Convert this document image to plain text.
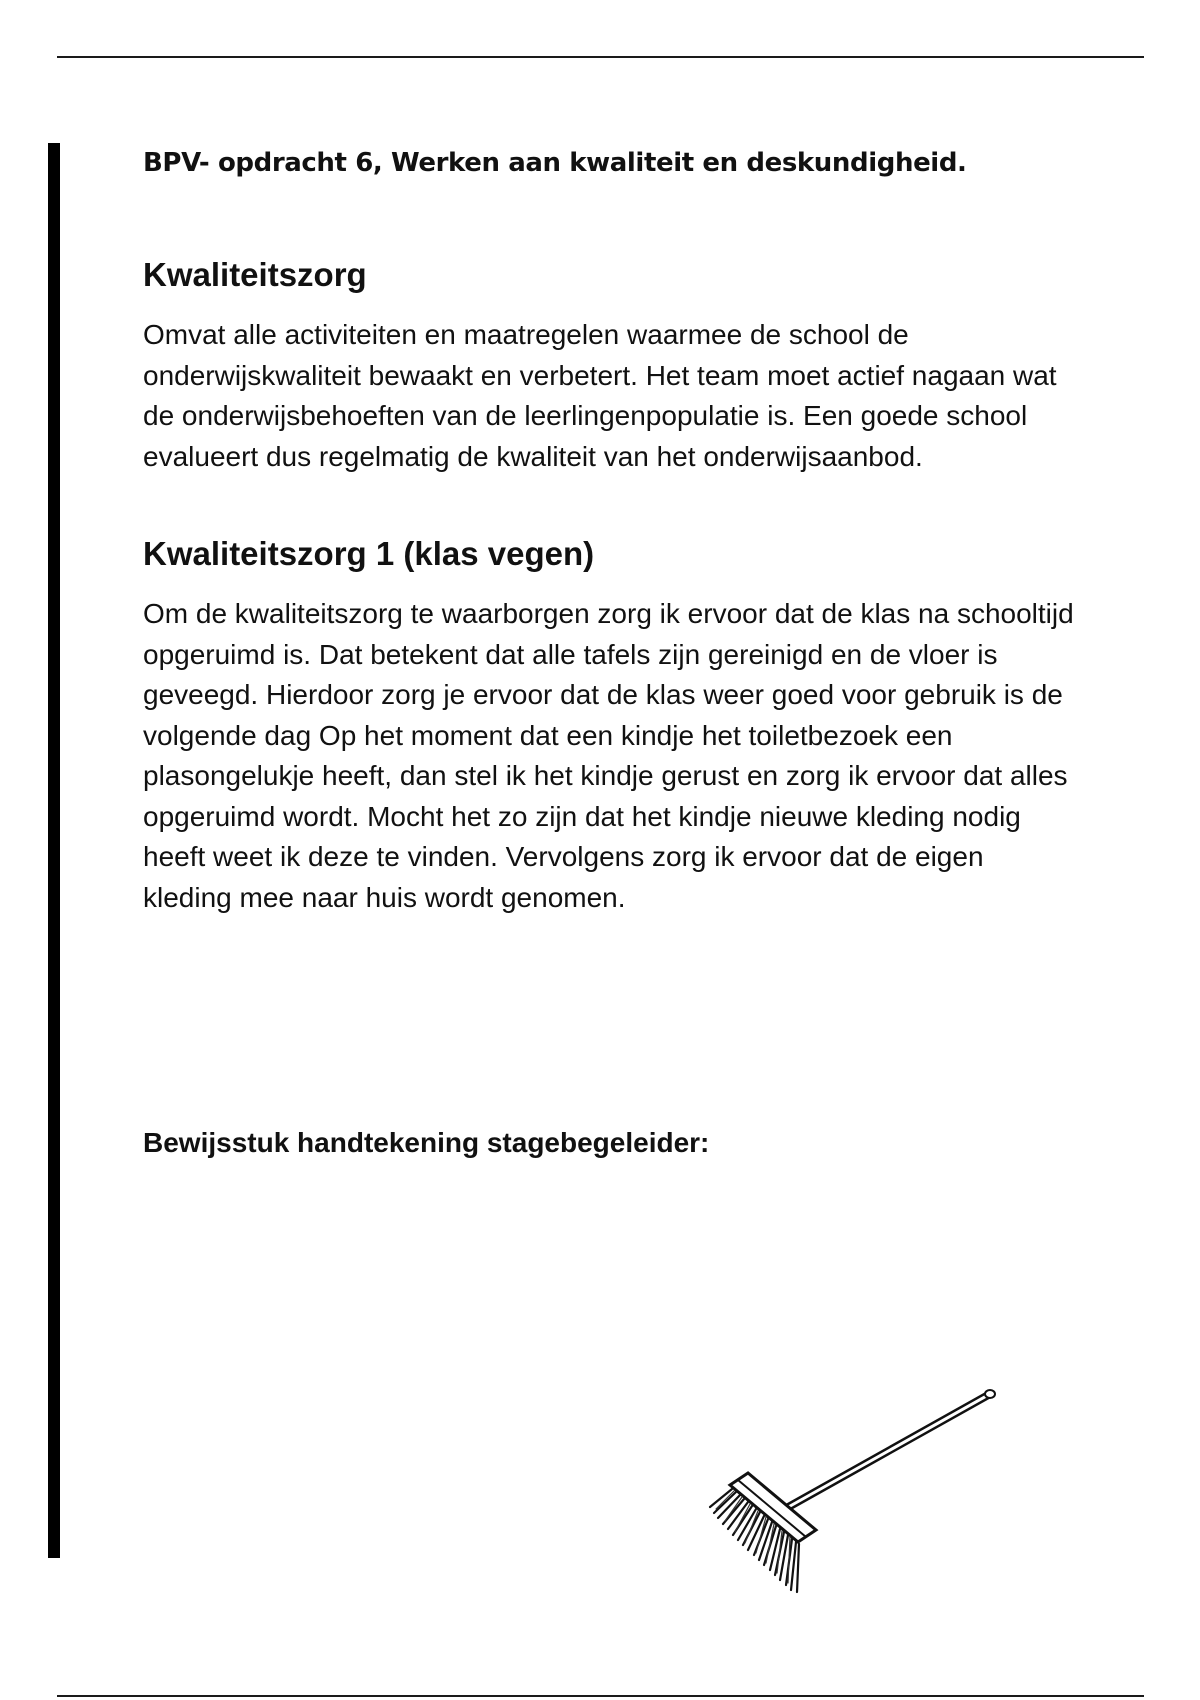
BPV- opdracht 6, Werken aan kwaliteit en deskundigheid.
Kwaliteitszorg

Omvat alle activiteiten en maatregelen waarmee de school de onderwijskwaliteit bewaakt en verbetert. Het team moet actief nagaan wat de onderwijsbehoeften van de leerlingenpopulatie is. Een goede school evalueert dus regelmatig de kwaliteit van het onderwijsaanbod.

Kwaliteitszorg 1 (klas vegen)

Om de kwaliteitszorg te waarborgen zorg ik ervoor dat de klas na schooltijd opgeruimd is. Dat betekent dat alle tafels zijn gereinigd en de vloer is geveegd. Hierdoor zorg je ervoor dat de klas weer goed voor gebruik is de volgende dag Op het moment dat een kindje het toiletbezoek een plasongelukje heeft, dan stel ik het kindje gerust en zorg ik ervoor dat alles opgeruimd wordt. Mocht het zo zijn dat het kindje nieuwe kleding nodig heeft weet ik deze te vinden. Vervolgens zorg ik ervoor dat de eigen kleding mee naar huis wordt genomen.

Bewijsstuk handtekening stagebegeleider:
